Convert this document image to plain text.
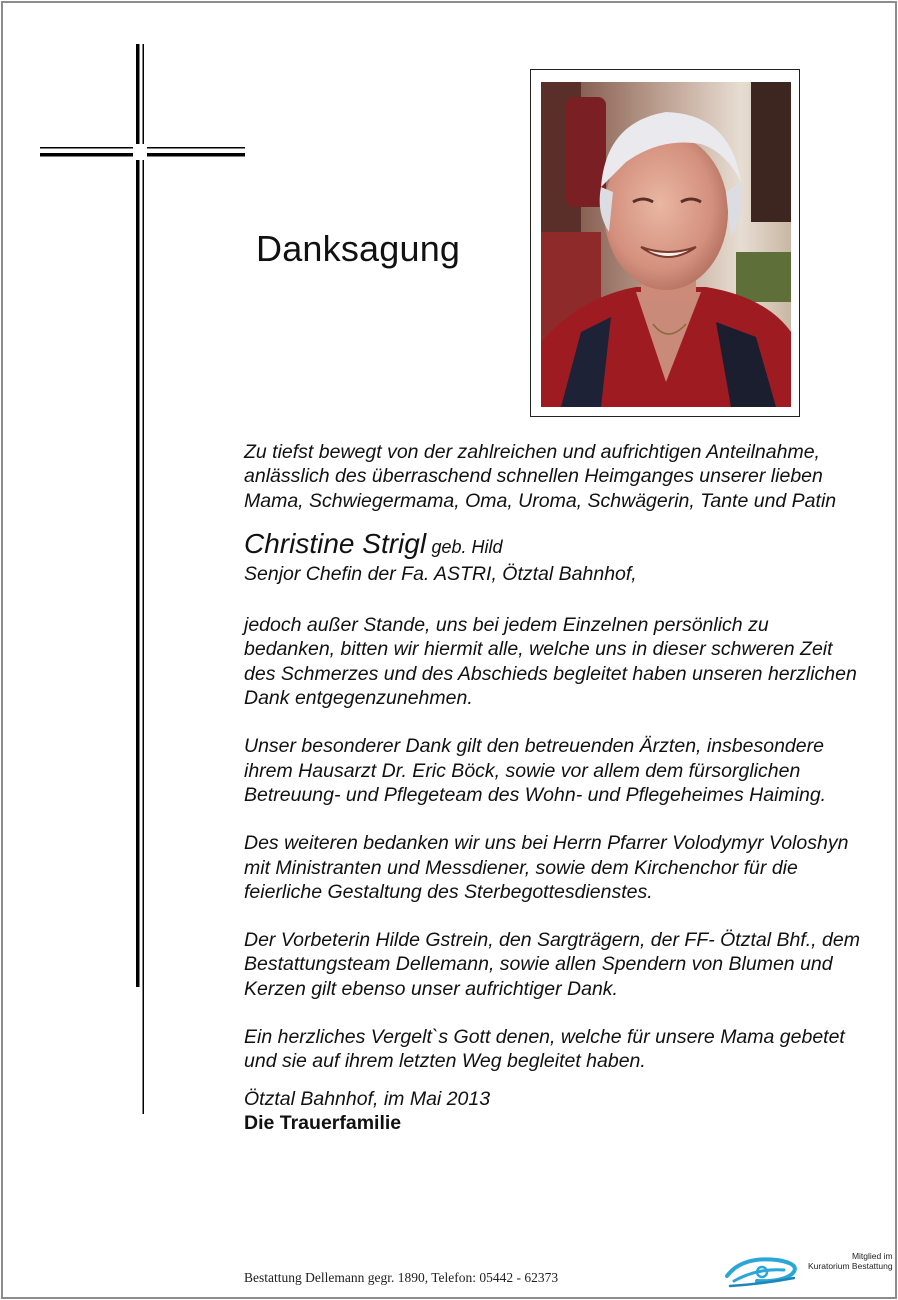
Danksagung

Zu tiefst bewegt von der zahlreichen und aufrichtigen Anteilnahme, anlässlich des überraschend schnellen Heimganges unserer lieben Mama, Schwiegermama, Oma, Uroma, Schwägerin, Tante und Patin

Christine Strigl geb. Hild

Senjor Chefin der Fa. ASTRI, Ötztal Bahnhof,

jedoch außer Stande, uns bei jedem Einzelnen persönlich zu bedanken, bitten wir hiermit alle, welche uns in dieser schweren Zeit des Schmerzes und des Abschieds begleitet haben unseren herzlichen Dank entgegenzunehmen.

Unser besonderer Dank gilt den betreuenden Ärzten, insbesondere ihrem Hausarzt Dr. Eric Böck, sowie vor allem dem fürsorglichen Betreuung- und Pflegeteam des Wohn- und Pflegeheimes Haiming.

Des weiteren bedanken wir uns bei Herrn Pfarrer Volodymyr Voloshyn mit Ministranten und Messdiener, sowie dem Kirchenchor für die feierliche Gestaltung des Sterbegottesdienstes.

Der Vorbeterin Hilde Gstrein, den Sargträgern, der FF- Ötztal Bhf., dem Bestattungsteam Dellemann, sowie allen Spendern von Blumen und Kerzen gilt ebenso unser aufrichtiger Dank.

Ein herzliches Vergelt`s Gott denen, welche für unsere Mama gebetet und sie auf ihrem letzten Weg begleitet haben.

Ötztal Bahnhof, im Mai 2013

Die Trauerfamilie

Bestattung Dellemann gegr. 1890, Telefon: 05442 - 62373
Mitglied im
Kuratorium Bestattung
